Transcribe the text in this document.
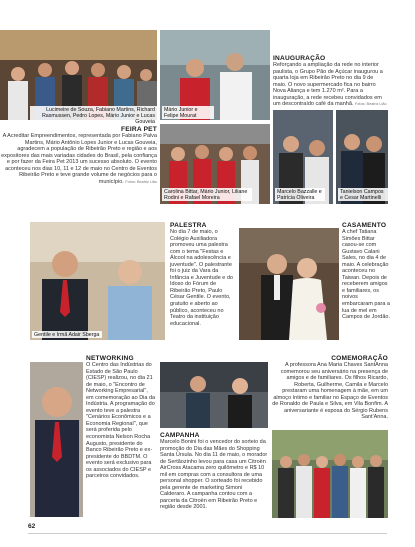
Lucimeire de Souza, Fabiano Martins, Richard Rasmussen, Pedro Lopes, Mário Junior e Lucas Gouveia
Mário Junior e Felipe Mourat
INAUGURAÇÃO
Reforçando a ampliação da rede no interior paulista, o Grupo Pão de Açúcar inaugurou a quarta loja em Ribeirão Preto no dia 9 de maio. O novo supermercado fica no bairro Nova Aliança e tem 1.270 m². Para a inauguração, a rede recebeu convidados em um descontraído café da manhã. Fotos: Beatriz Lião
FEIRA PET
A Acreditar Empreendimentos, representada por Fabiano Palva Martins, Mário Antônio Lopes Junior e Lucas Gouveia, agradecem a população de Ribeirão Preto e região e aos expositores das mais variadas cidades do Brasil, pela confiança e por fazer da Feira Pet 2013 um sucesso absoluto. O evento aconteceu nos dias 10, 11 e 12 de maio no Centro de Eventos Ribeirão Preto e teve grande volume de negócios para o município. Fotos: Beatriz Lião
Carolina Bittar, Mário Junior, Liliane Rodini e Rafael Moreira
Marcelo Bazzalle e Patrícia Oliveira
Tanielson Campos e Cesar Martinelli
Gentile e Irmã Adair Sberga
PALESTRA
No dia 7 de maio, o Colégio Auxiliadora promoveu uma palestra com o tema "Festas e Álcool na adolescência e juventude". O palestrante foi o juiz da Vara da Infância e Juventude e do Idoso do Fórum de Ribeirão Preto, Paulo César Gentile. O evento, gratuito e aberto ao público, aconteceu no Teatro da instituição educacional.
CASAMENTO
A chef Tatiana Simões Bittar casou-se com Gustavo Calani Sales, no dia 4 de maio. A celebração aconteceu no Taiwan. Depois de receberem amigos e familiares, os noivos embarcaram para a lua de mel em Campos de Jordão.
NETWORKING
O Centro das Indústrias do Estado de São Paulo (CIESP) realizou, no dia 21 de maio, o "Encontro de Networking Empresarial", em comemoração ao Dia da Indústria. A programação do evento teve a palestra "Cenários Econômicos e a Economia Regional", que será proferida pelo economista Nelson Rocha Augusto, presidente do Banco Ribeirão Preto e ex-presidente do BBDTM. O evento será exclusivo para os associados do CIESP e parceiros convidados.
CAMPANHA
Marcelo Bonini foi o vencedor do sorteio da promoção do Dia das Mães do Shopping Santa Úrsula. No dia 11 de maio, o morador de Sertãozinho levou para casa um Citroën AirCross Atacama zero quilômetro e R$ 10 mil em compras com a consultora de uma personal shopper. O sorteado foi recebido pela gerente de marketing Simoni Calderaro. A campanha contou com a parceria da Citroën em Ribeirão Preto e região desde 2001.
COMEMORAÇÃO
A professora Ana Maria Chaves SantAnna comemorou seu aniversário na presença de amigos e de familiares. Os filhos Ricardo, Roberta, Guilherme, Camila e Marcelo prestaram uma homenagem à mãe, em um almoço íntimo e familiar no Espaço de Eventos de Ronaldo de Paula e Silva, em Vila Bonfim. A aniversariante é esposa do Sérgio Rubens Sant'Anna.
62
